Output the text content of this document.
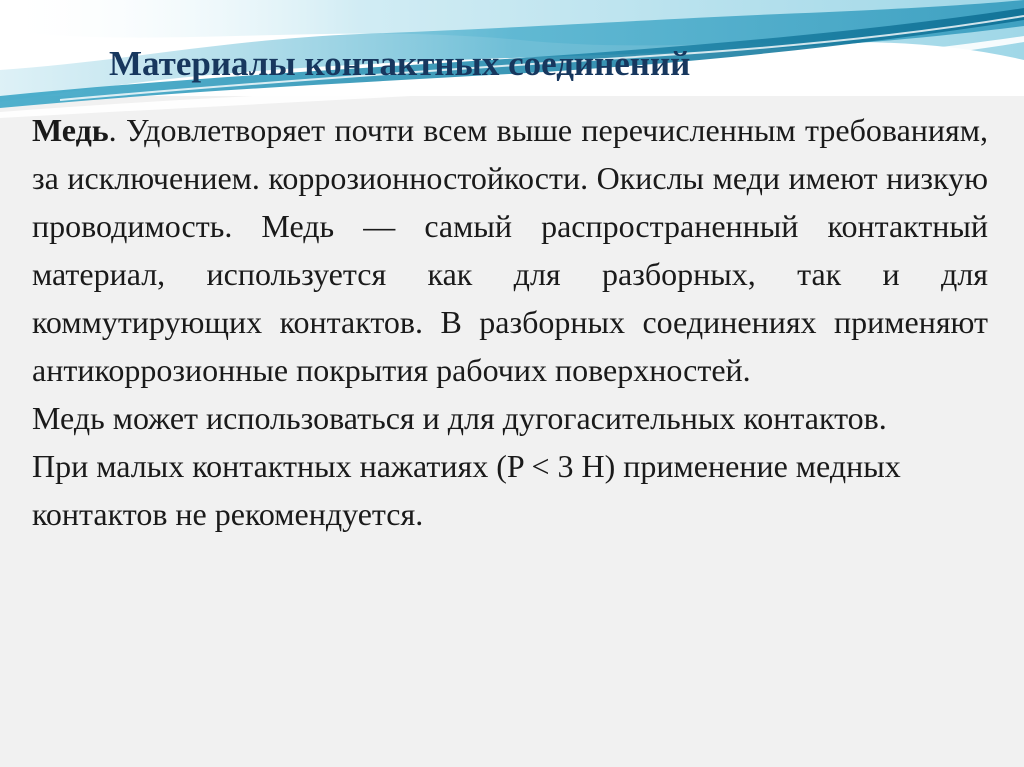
Материалы контактных соединений

Медь. Удовлетворяет почти всем выше перечисленным требованиям, за исключением. коррозионностойкости. Окислы меди имеют низкую проводимость. Медь — самый распространенный контактный материал, используется как для разборных, так и для коммутирующих контактов. В разборных соединениях применяют антикоррозионные покрытия рабочих поверхностей.

Медь может использоваться и для дугогасительных контактов.

При малых контактных нажатиях (P < 3 Н) применение медных контактов не рекомендуется.
